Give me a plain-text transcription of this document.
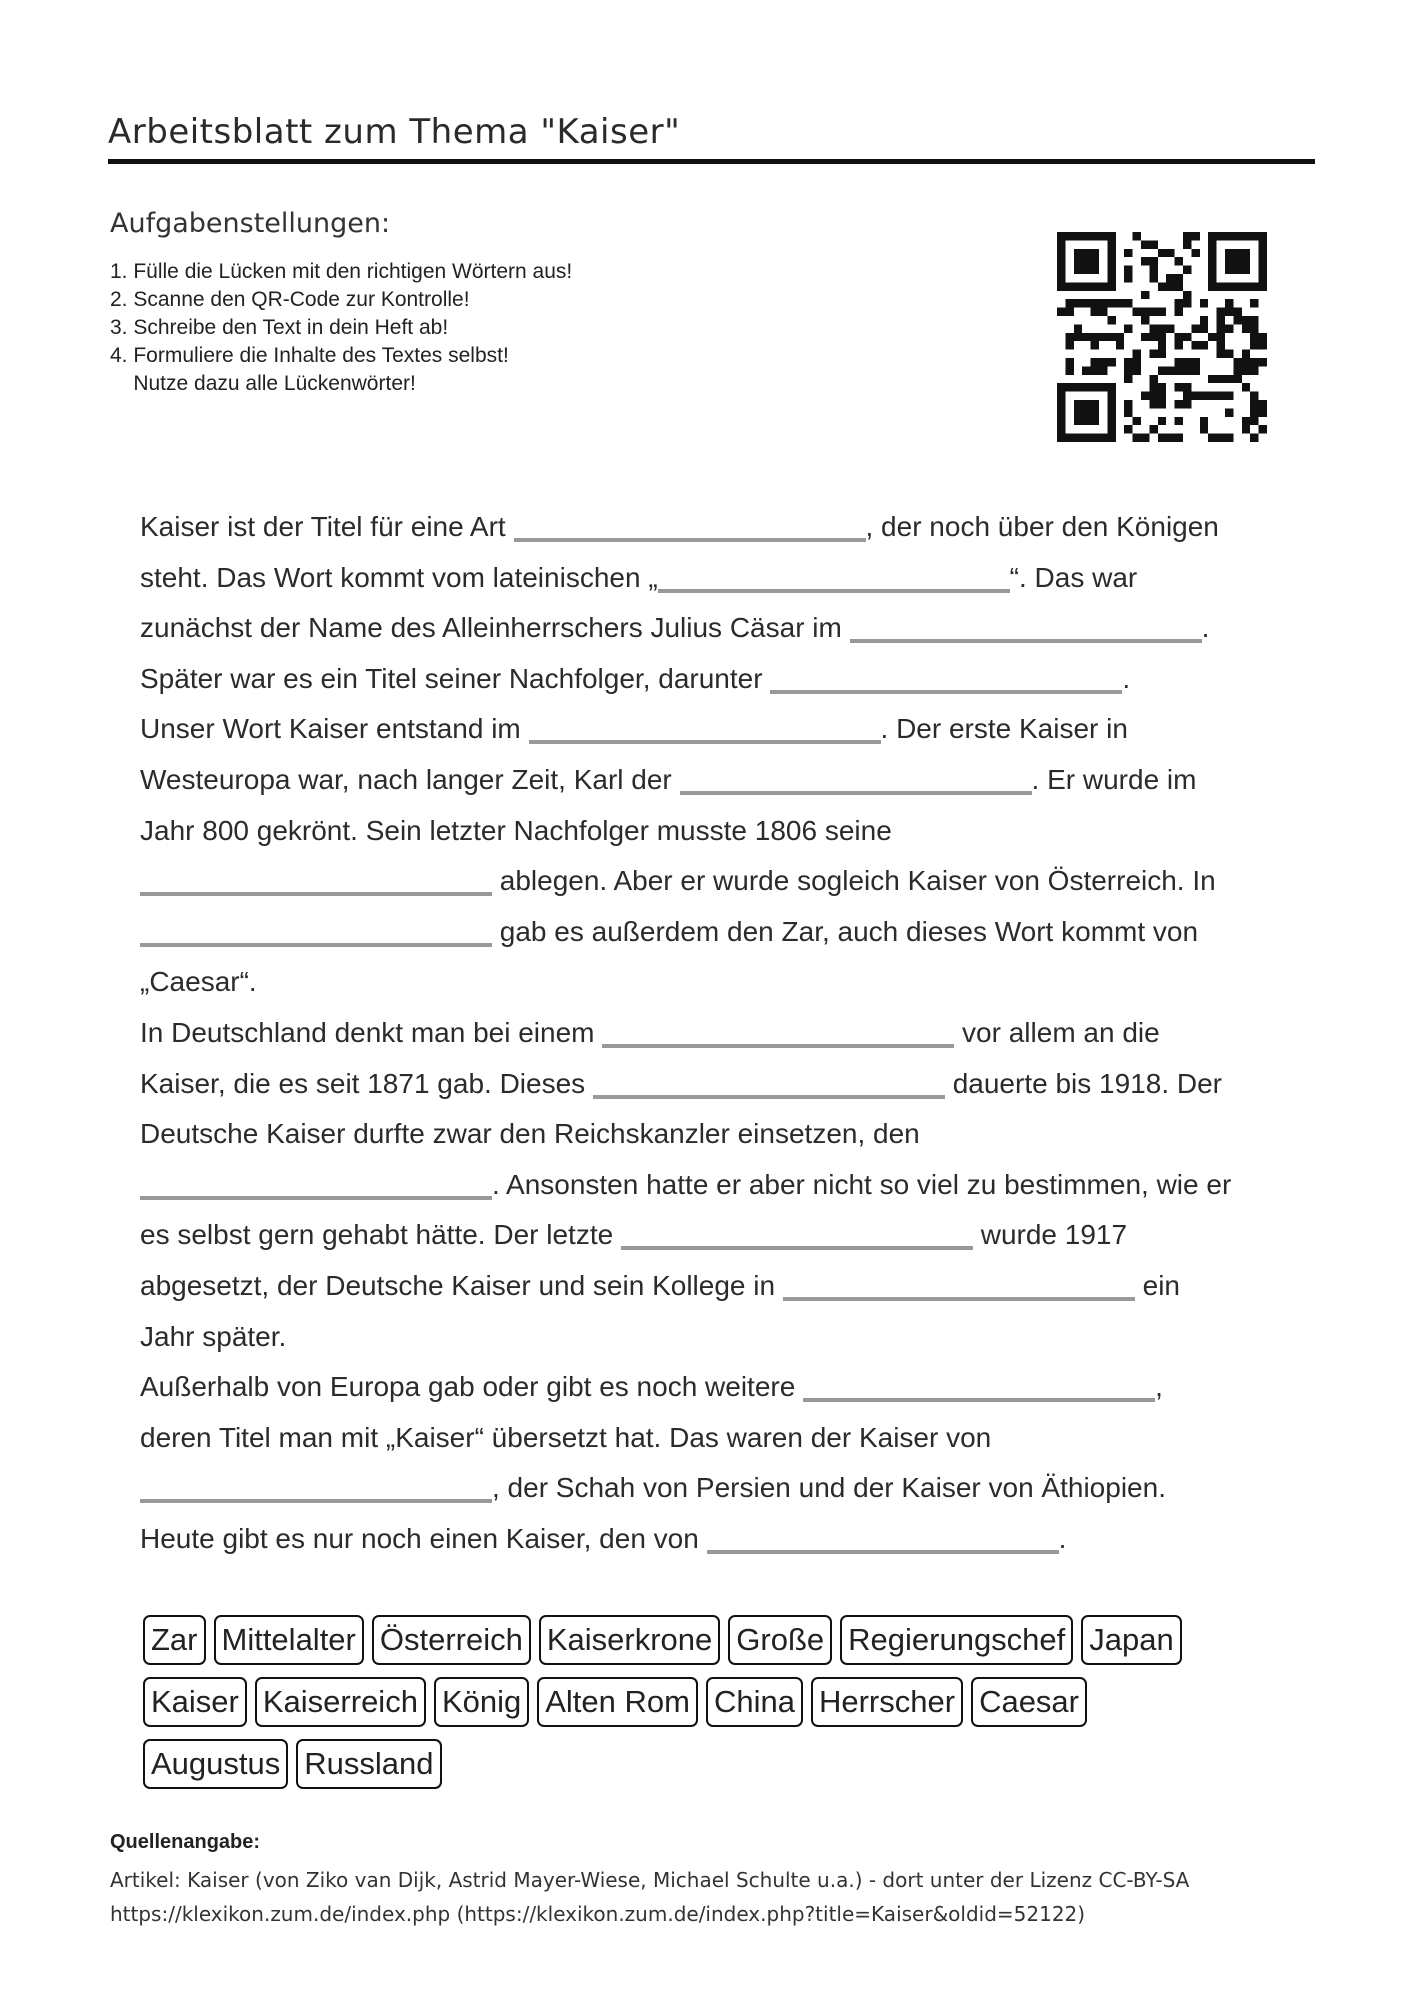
Arbeitsblatt zum Thema "Kaiser"
Aufgabenstellungen:
1. Fülle die Lücken mit den richtigen Wörtern aus!
2. Scanne den QR-Code zur Kontrolle!
3. Schreibe den Text in dein Heft ab!
4. Formuliere die Inhalte des Textes selbst!
Nutze dazu alle Lückenwörter!
Kaiser ist der Titel für eine Art	, der noch über den Königen
steht. Das Wort kommt vom lateinischen „	“. Das war
zunächst der Name des Alleinherrschers Julius Cäsar im	.
Später war es ein Titel seiner Nachfolger, darunter	.
Unser Wort Kaiser entstand im	. Der erste Kaiser in
Westeuropa war, nach langer Zeit, Karl der	. Er wurde im
Jahr 800 gekrönt. Sein letzter Nachfolger musste 1806 seine
ablegen. Aber er wurde sogleich Kaiser von Österreich. In
gab es außerdem den Zar, auch dieses Wort kommt von
„Caesar“.
In Deutschland denkt man bei einem	vor allem an die
Kaiser, die es seit 1871 gab. Dieses	dauerte bis 1918. Der
Deutsche Kaiser durfte zwar den Reichskanzler einsetzen, den
. Ansonsten hatte er aber nicht so viel zu bestimmen, wie er
es selbst gern gehabt hätte. Der letzte	wurde 1917
abgesetzt, der Deutsche Kaiser und sein Kollege in	ein
Jahr später.
Außerhalb von Europa gab oder gibt es noch weitere	,
deren Titel man mit „Kaiser“ übersetzt hat. Das waren der Kaiser von
, der Schah von Persien und der Kaiser von Äthiopien.
Heute gibt es nur noch einen Kaiser, den von	.
Zar Mittelalter Österreich Kaiserkrone Große Regierungschef Japan
Kaiser Kaiserreich König Alten Rom China Herrscher Caesar
Augustus Russland
Quellenangabe:
Artikel: Kaiser (von Ziko van Dijk, Astrid Mayer-Wiese, Michael Schulte u.a.) - dort unter der Lizenz CC-BY-SA
https://klexikon.zum.de/index.php (https://klexikon.zum.de/index.php?title=Kaiser&oldid=52122)
